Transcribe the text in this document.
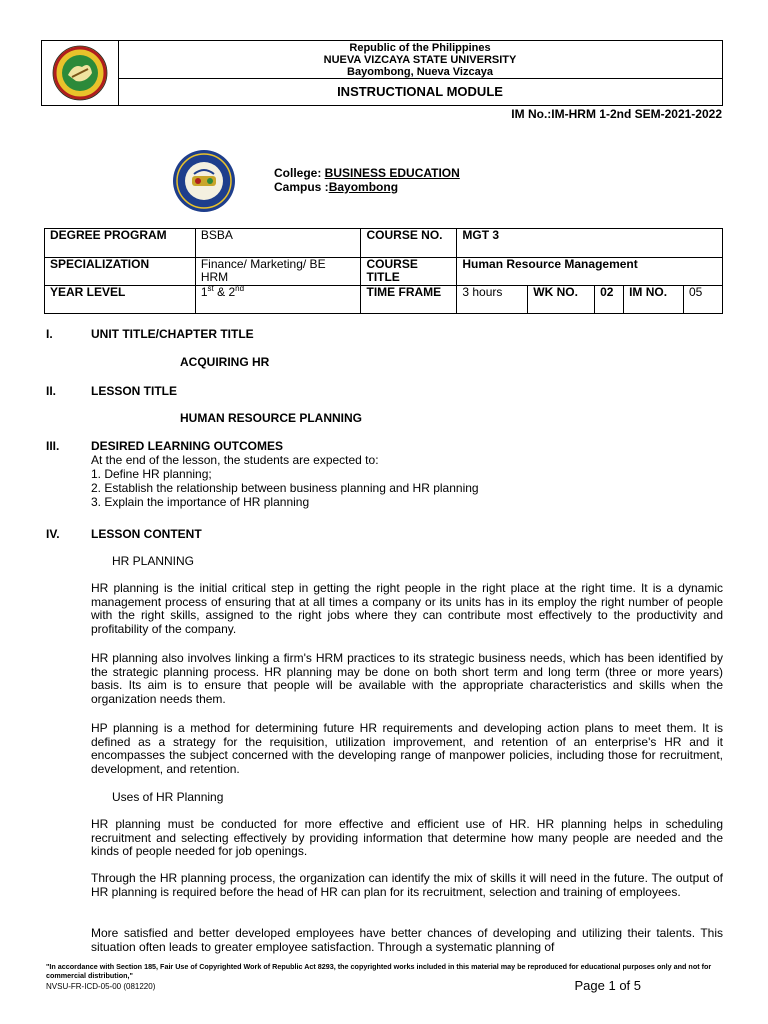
Republic of the Philippines
NUEVA VIZCAYA STATE UNIVERSITY
Bayombong, Nueva Vizcaya
INSTRUCTIONAL MODULE
IM No.:IM-HRM 1-2nd SEM-2021-2022
College: BUSINESS EDUCATION
Campus :Bayombong
DEGREE PROGRAM	BSBA	COURSE NO.	MGT 3				
SPECIALIZATION	Finance/ Marketing/ BE HRM	COURSE TITLE	Human Resource Management				
YEAR LEVEL	1st & 2nd	TIME FRAME	3 hours	WK NO.	02	IM NO.	05
I.	UNIT TITLE/CHAPTER TITLE
ACQUIRING HR
II.	LESSON TITLE
HUMAN RESOURCE PLANNING
III.	DESIRED LEARNING OUTCOMES
At the end of the lesson, the students are expected to:
1. Define HR planning;
2. Establish the relationship between business planning and HR planning
3. Explain the importance of HR planning
IV.	LESSON CONTENT
HR PLANNING

HR planning is the initial critical step in getting the right people in the right place at the right time. It is a dynamic management process of ensuring that at all times a company or its units has in its employ the right number of people with the right skills, assigned to the right jobs where they can contribute most effectively to the productivity and profitability of the company.

HR planning also involves linking a firm's HRM practices to its strategic business needs, which has been identified by the strategic planning process. HR planning may be done on both short term and long term (three or more years) basis. Its aim is to ensure that people will be available with the appropriate characteristics and skills when the organization needs them.

HP planning is a method for determining future HR requirements and developing action plans to meet them. It is defined as a strategy for the requisition, utilization improvement, and retention of an enterprise's HR and it encompasses the subject concerned with the developing range of manpower policies, including those for recruitment, development, and retention.

Uses of HR Planning

HR planning must be conducted for more effective and efficient use of HR. HR planning helps in scheduling recruitment and selecting effectively by providing information that determine how many people are needed and the kinds of people needed for job openings.

Through the HR planning process, the organization can identify the mix of skills it will need in the future. The output of HR planning is required before the head of HR can plan for its recruitment, selection and training of employees.

More satisfied and better developed employees have better chances of developing and utilizing their talents. This situation often leads to greater employee satisfaction. Through a systematic planning of

"In accordance with Section 185, Fair Use of Copyrighted Work of Republic Act 8293, the copyrighted works included in this material may be reproduced for educational purposes only and not for commercial distribution,"
NVSU-FR-ICD-05-00 (081220)	Page 1 of 5
